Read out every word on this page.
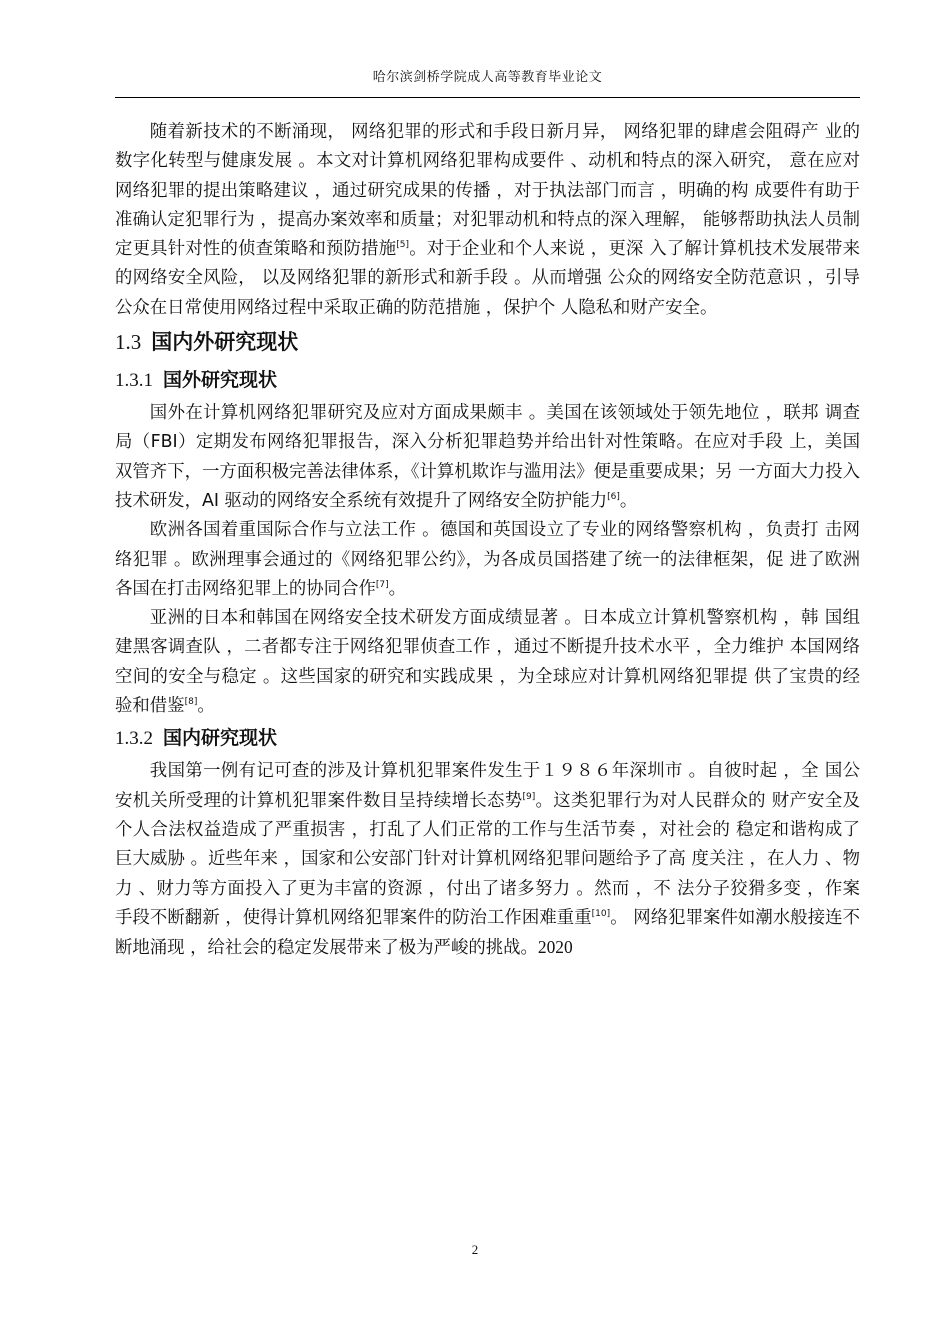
哈尔滨剑桥学院成人高等教育毕业论文

随着新技术的不断涌现， 网络犯罪的形式和手段日新月异， 网络犯罪的肆虐会阻碍产 业的数字化转型与健康发展 。本文对计算机网络犯罪构成要件 、动机和特点的深入研究， 意在应对网络犯罪的提出策略建议 ，通过研究成果的传播 ，对于执法部门而言 ，明确的构 成要件有助于准确认定犯罪行为 ，提高办案效率和质量；对犯罪动机和特点的深入理解， 能够帮助执法人员制定更具针对性的侦查策略和预防措施[5]。对于企业和个人来说 ，更深 入了解计算机技术发展带来的网络安全风险， 以及网络犯罪的新形式和新手段 。从而增强 公众的网络安全防范意识 ，引导公众在日常使用网络过程中采取正确的防范措施 ，保护个 人隐私和财产安全。

1.3 国内外研究现状
1.3.1 国外研究现状

国外在计算机网络犯罪研究及应对方面成果颇丰 。美国在该领域处于领先地位 ，联邦 调查局（FBI）定期发布网络犯罪报告，深入分析犯罪趋势并给出针对性策略。在应对手段 上，美国双管齐下，一方面积极完善法律体系，《计算机欺诈与滥用法》便是重要成果；另 一方面大力投入技术研发，AI 驱动的网络安全系统有效提升了网络安全防护能力[6]。

欧洲各国着重国际合作与立法工作 。德国和英国设立了专业的网络警察机构 ，负责打 击网络犯罪 。欧洲理事会通过的《网络犯罪公约》，为各成员国搭建了统一的法律框架，促 进了欧洲各国在打击网络犯罪上的协同合作[7]。

亚洲的日本和韩国在网络安全技术研发方面成绩显著 。日本成立计算机警察机构 ，韩 国组建黑客调查队 ，二者都专注于网络犯罪侦查工作 ，通过不断提升技术水平 ，全力维护 本国网络空间的安全与稳定 。这些国家的研究和实践成果 ，为全球应对计算机网络犯罪提 供了宝贵的经验和借鉴[8]。

1.3.2 国内研究现状

我国第一例有记可查的涉及计算机犯罪案件发生于１９８６年深圳市 。自彼时起 ，全 国公安机关所受理的计算机犯罪案件数目呈持续增长态势[9]。这类犯罪行为对人民群众的 财产安全及个人合法权益造成了严重损害 ，打乱了人们正常的工作与生活节奏 ，对社会的 稳定和谐构成了巨大威胁 。近些年来 ，国家和公安部门针对计算机网络犯罪问题给予了高 度关注 ，在人力 、物力 、财力等方面投入了更为丰富的资源 ，付出了诸多努力 。然而 ，不 法分子狡猾多变 ，作案手段不断翻新 ，使得计算机网络犯罪案件的防治工作困难重重[10]。 网络犯罪案件如潮水般接连不断地涌现 ，给社会的稳定发展带来了极为严峻的挑战。2020

2
